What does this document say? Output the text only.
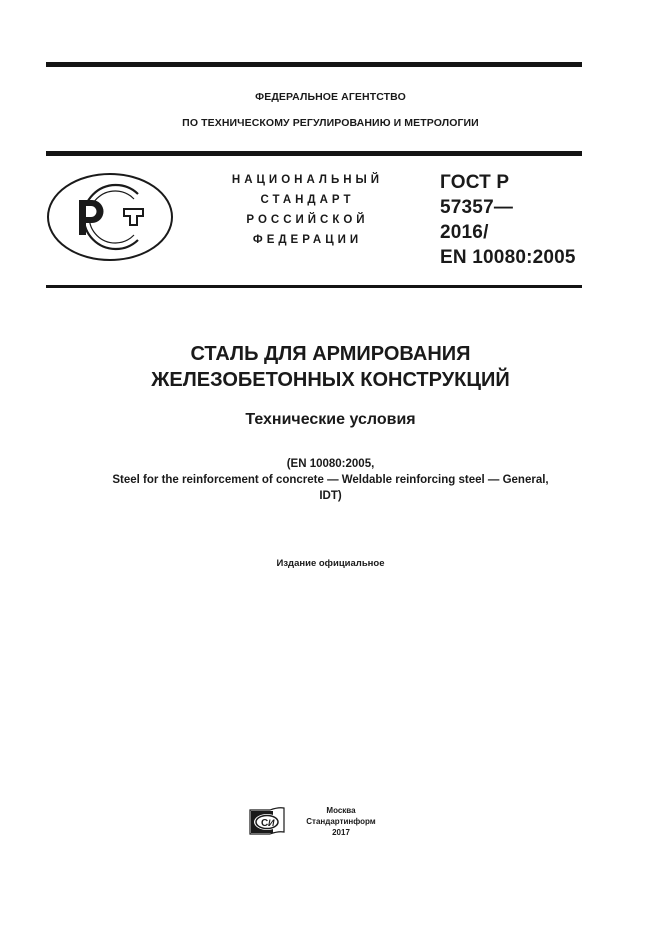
ФЕДЕРАЛЬНОЕ АГЕНТСТВО
ПО ТЕХНИЧЕСКОМУ РЕГУЛИРОВАНИЮ И МЕТРОЛОГИИ
НАЦИОНАЛЬНЫЙ
СТАНДАРТ
РОССИЙСКОЙ
ФЕДЕРАЦИИ
ГОСТ Р
57357—
2016/
EN 10080:2005
СТАЛЬ ДЛЯ АРМИРОВАНИЯ
ЖЕЛЕЗОБЕТОННЫХ КОНСТРУКЦИЙ
Технические условия
(EN 10080:2005,
Steel for the reinforcement of concrete — Weldable reinforcing steel — General,
IDT)
Издание официальное
С И
Москва
Стандартинформ
2017
